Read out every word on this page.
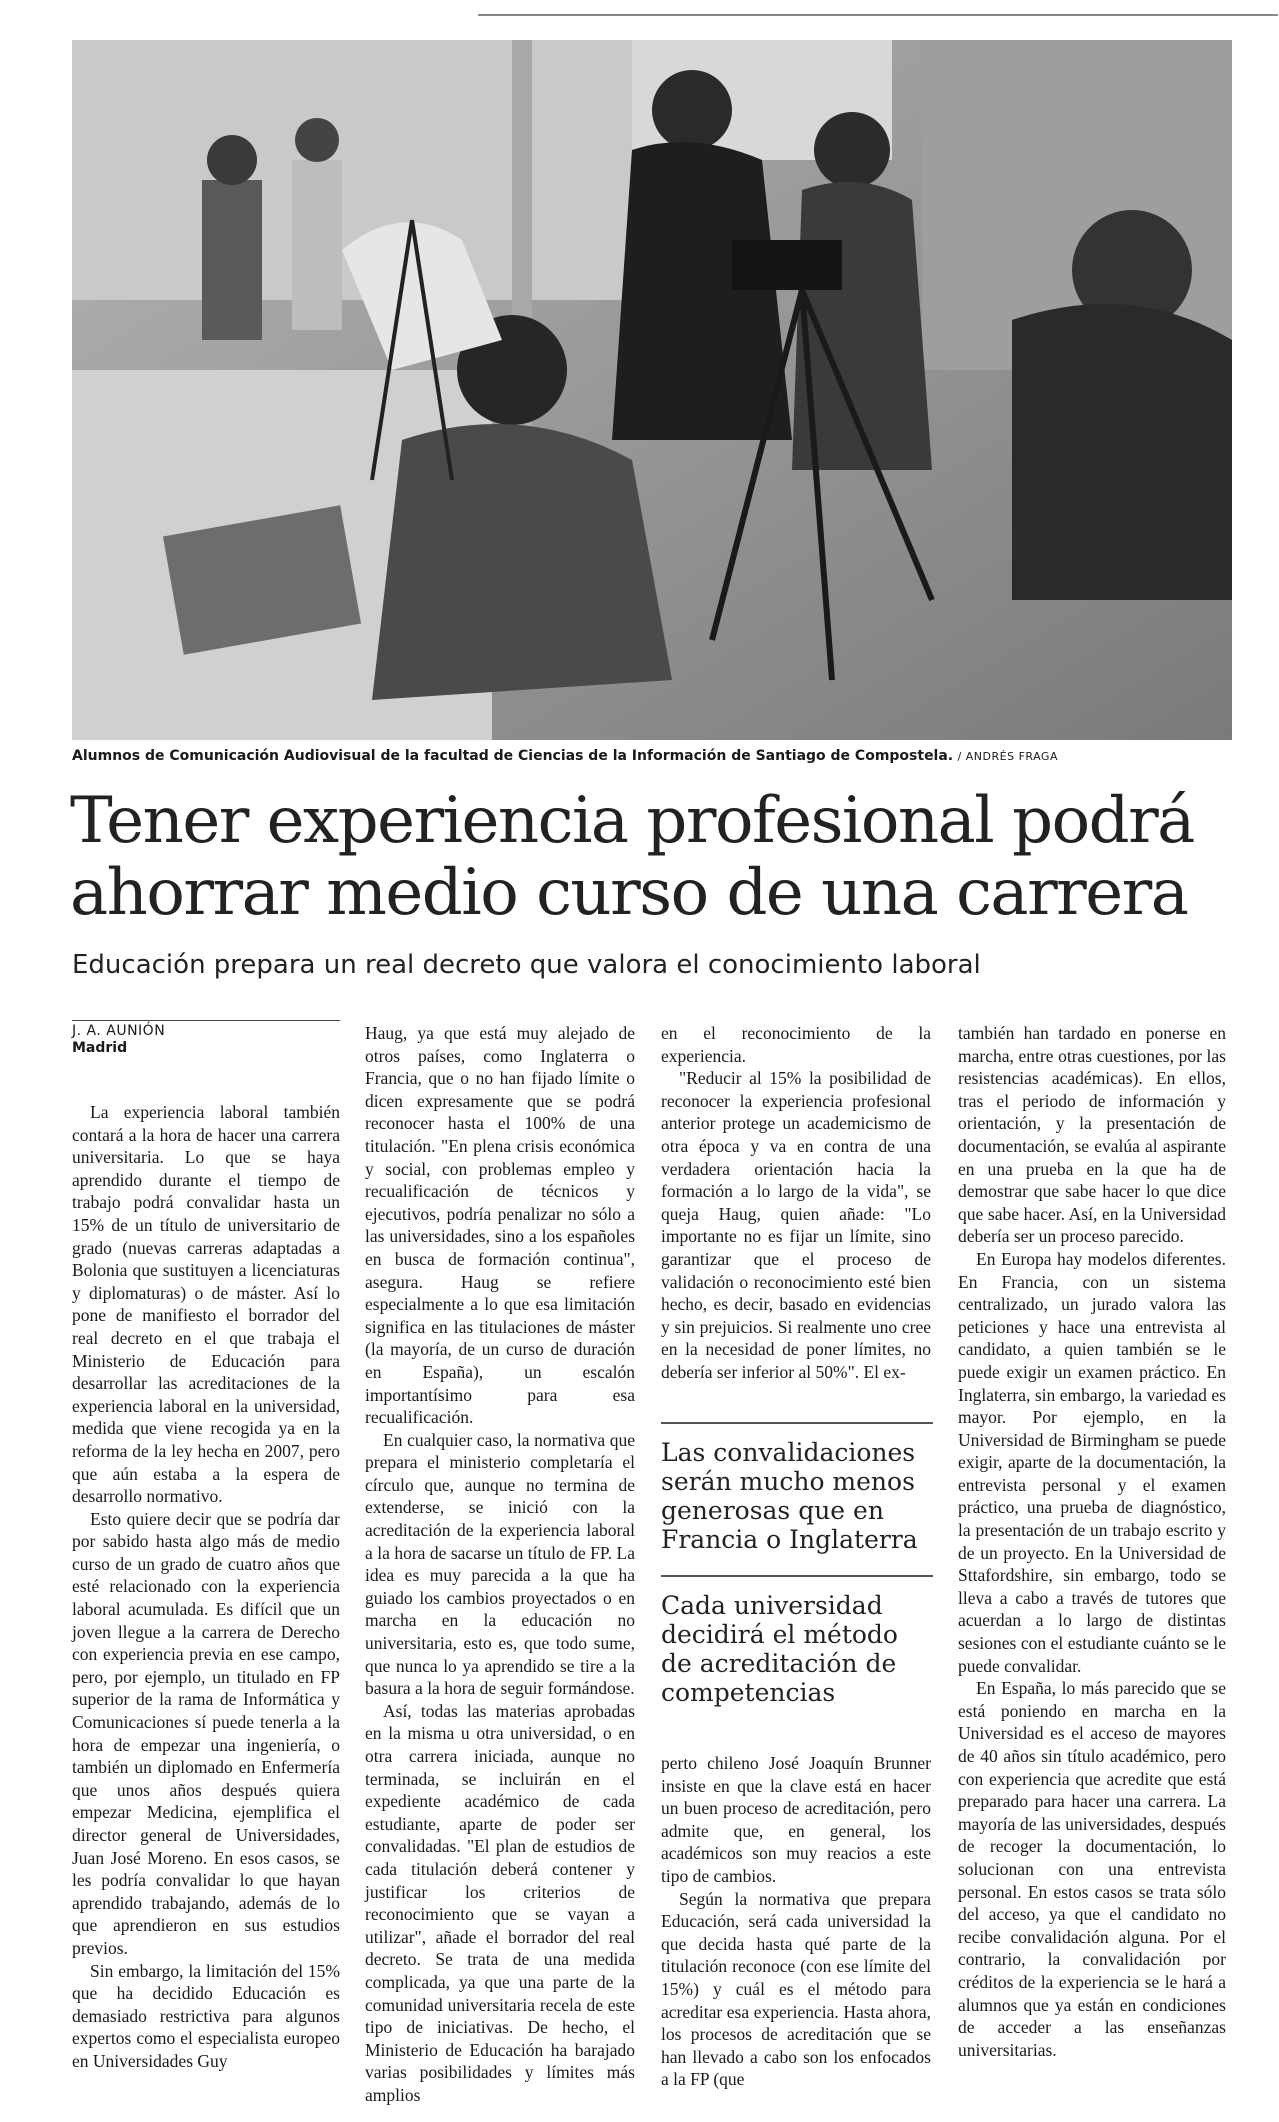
Alumnos de Comunicación Audiovisual de la facultad de Ciencias de la Información de Santiago de Compostela. / ANDRÉS FRAGA
Tener experiencia profesional podrá
ahorrar medio curso de una carrera
Educación prepara un real decreto que valora el conocimiento laboral
J. A. AUNIÓN
Madrid

La experiencia laboral también contará a la hora de hacer una carrera universitaria. Lo que se haya aprendido durante el tiempo de trabajo podrá convalidar hasta un 15% de un título de universitario de grado (nuevas carreras adaptadas a Bolonia que sustituyen a licenciaturas y diplomaturas) o de máster. Así lo pone de manifiesto el borrador del real decreto en el que trabaja el Ministerio de Educación para desarrollar las acreditaciones de la experiencia laboral en la universidad, medida que viene recogida ya en la reforma de la ley hecha en 2007, pero que aún estaba a la espera de desarrollo normativo.

Esto quiere decir que se podría dar por sabido hasta algo más de medio curso de un grado de cuatro años que esté relacionado con la experiencia laboral acumulada. Es difícil que un joven llegue a la carrera de Derecho con experiencia previa en ese campo, pero, por ejemplo, un titulado en FP superior de la rama de Informática y Comunicaciones sí puede tenerla a la hora de empezar una ingeniería, o también un diplomado en Enfermería que unos años después quiera empezar Medicina, ejemplifica el director general de Universidades, Juan José Moreno. En esos casos, se les podría convalidar lo que hayan aprendido trabajando, además de lo que aprendieron en sus estudios previos.

Sin embargo, la limitación del 15% que ha decidido Educación es demasiado restrictiva para algunos expertos como el especialista europeo en Universidades Guy

Haug, ya que está muy alejado de otros países, como Inglaterra o Francia, que o no han fijado límite o dicen expresamente que se podrá reconocer hasta el 100% de una titulación. "En plena crisis económica y social, con problemas empleo y recualificación de técnicos y ejecutivos, podría penalizar no sólo a las universidades, sino a los españoles en busca de formación continua", asegura. Haug se refiere especialmente a lo que esa limitación significa en las titulaciones de máster (la mayoría, de un curso de duración en España), un escalón importantísimo para esa recualificación.

En cualquier caso, la normativa que prepara el ministerio completaría el círculo que, aunque no termina de extenderse, se inició con la acreditación de la experiencia laboral a la hora de sacarse un título de FP. La idea es muy parecida a la que ha guiado los cambios proyectados o en marcha en la educación no universitaria, esto es, que todo sume, que nunca lo ya aprendido se tire a la basura a la hora de seguir formándose.

Así, todas las materias aprobadas en la misma u otra universidad, o en otra carrera iniciada, aunque no terminada, se incluirán en el expediente académico de cada estudiante, aparte de poder ser convalidadas. "El plan de estudios de cada titulación deberá contener y justificar los criterios de reconocimiento que se vayan a utilizar", añade el borrador del real decreto. Se trata de una medida complicada, ya que una parte de la comunidad universitaria recela de este tipo de iniciativas. De hecho, el Ministerio de Educación ha barajado varias posibilidades y límites más amplios

en el reconocimiento de la experiencia.

"Reducir al 15% la posibilidad de reconocer la experiencia profesional anterior protege un academicismo de otra época y va en contra de una verdadera orientación hacia la formación a lo largo de la vida", se queja Haug, quien añade: "Lo importante no es fijar un límite, sino garantizar que el proceso de validación o reconocimiento esté bien hecho, es decir, basado en evidencias y sin prejuicios. Si realmente uno cree en la necesidad de poner límites, no debería ser inferior al 50%". El ex-

Las convalidaciones serán mucho menos generosas que en Francia o Inglaterra
Cada universidad decidirá el método de acreditación de competencias

perto chileno José Joaquín Brunner insiste en que la clave está en hacer un buen proceso de acreditación, pero admite que, en general, los académicos son muy reacios a este tipo de cambios.

Según la normativa que prepara Educación, será cada universidad la que decida hasta qué parte de la titulación reconoce (con ese límite del 15%) y cuál es el método para acreditar esa experiencia. Hasta ahora, los procesos de acreditación que se han llevado a cabo son los enfocados a la FP (que

también han tardado en ponerse en marcha, entre otras cuestiones, por las resistencias académicas). En ellos, tras el periodo de información y orientación, y la presentación de documentación, se evalúa al aspirante en una prueba en la que ha de demostrar que sabe hacer lo que dice que sabe hacer. Así, en la Universidad debería ser un proceso parecido.

En Europa hay modelos diferentes. En Francia, con un sistema centralizado, un jurado valora las peticiones y hace una entrevista al candidato, a quien también se le puede exigir un examen práctico. En Inglaterra, sin embargo, la variedad es mayor. Por ejemplo, en la Universidad de Birmingham se puede exigir, aparte de la documentación, la entrevista personal y el examen práctico, una prueba de diagnóstico, la presentación de un trabajo escrito y de un proyecto. En la Universidad de Sttafordshire, sin embargo, todo se lleva a cabo a través de tutores que acuerdan a lo largo de distintas sesiones con el estudiante cuánto se le puede convalidar.

En España, lo más parecido que se está poniendo en marcha en la Universidad es el acceso de mayores de 40 años sin título académico, pero con experiencia que acredite que está preparado para hacer una carrera. La mayoría de las universidades, después de recoger la documentación, lo solucionan con una entrevista personal. En estos casos se trata sólo del acceso, ya que el candidato no recibe convalidación alguna. Por el contrario, la convalidación por créditos de la experiencia se le hará a alumnos que ya están en condiciones de acceder a las enseñanzas universitarias.
